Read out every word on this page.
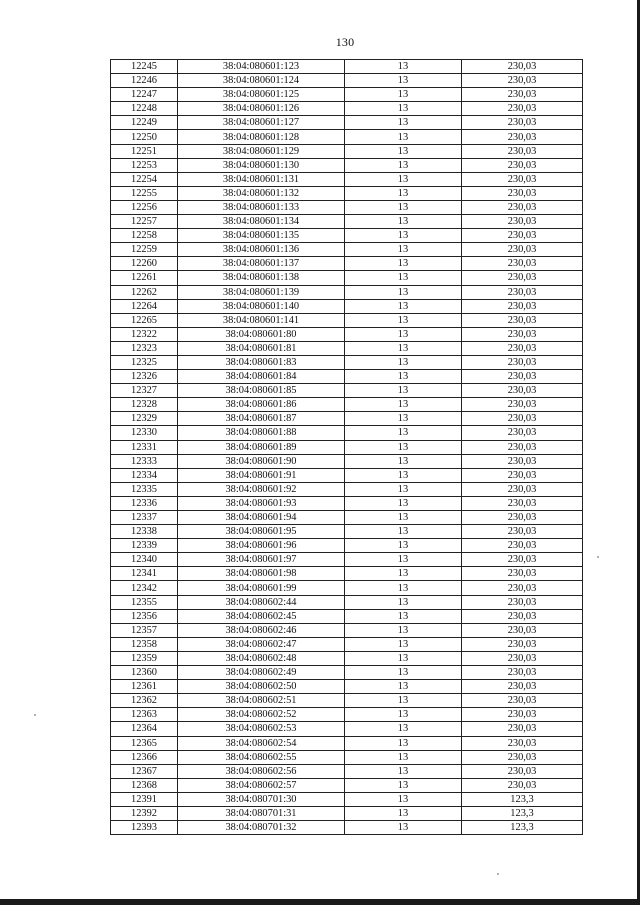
130
12245	38:04:080601:123	13	230,03
12246	38:04:080601:124	13	230,03
12247	38:04:080601:125	13	230,03
12248	38:04:080601:126	13	230,03
12249	38:04:080601:127	13	230,03
12250	38:04:080601:128	13	230,03
12251	38:04:080601:129	13	230,03
12253	38:04:080601:130	13	230,03
12254	38:04:080601:131	13	230,03
12255	38:04:080601:132	13	230,03
12256	38:04:080601:133	13	230,03
12257	38:04:080601:134	13	230,03
12258	38:04:080601:135	13	230,03
12259	38:04:080601:136	13	230,03
12260	38:04:080601:137	13	230,03
12261	38:04:080601:138	13	230,03
12262	38:04:080601:139	13	230,03
12264	38:04:080601:140	13	230,03
12265	38:04:080601:141	13	230,03
12322	38:04:080601:80	13	230,03
12323	38:04:080601:81	13	230,03
12325	38:04:080601:83	13	230,03
12326	38:04:080601:84	13	230,03
12327	38:04:080601:85	13	230,03
12328	38:04:080601:86	13	230,03
12329	38:04:080601:87	13	230,03
12330	38:04:080601:88	13	230,03
12331	38:04:080601:89	13	230,03
12333	38:04:080601:90	13	230,03
12334	38:04:080601:91	13	230,03
12335	38:04:080601:92	13	230,03
12336	38:04:080601:93	13	230,03
12337	38:04:080601:94	13	230,03
12338	38:04:080601:95	13	230,03
12339	38:04:080601:96	13	230,03
12340	38:04:080601:97	13	230,03
12341	38:04:080601:98	13	230,03
12342	38:04:080601:99	13	230,03
12355	38:04:080602:44	13	230,03
12356	38:04:080602:45	13	230,03
12357	38:04:080602:46	13	230,03
12358	38:04:080602:47	13	230,03
12359	38:04:080602:48	13	230,03
12360	38:04:080602:49	13	230,03
12361	38:04:080602:50	13	230,03
12362	38:04:080602:51	13	230,03
12363	38:04:080602:52	13	230,03
12364	38:04:080602:53	13	230,03
12365	38:04:080602:54	13	230,03
12366	38:04:080602:55	13	230,03
12367	38:04:080602:56	13	230,03
12368	38:04:080602:57	13	230,03
12391	38:04:080701:30	13	123,3
12392	38:04:080701:31	13	123,3
12393	38:04:080701:32	13	123,3
